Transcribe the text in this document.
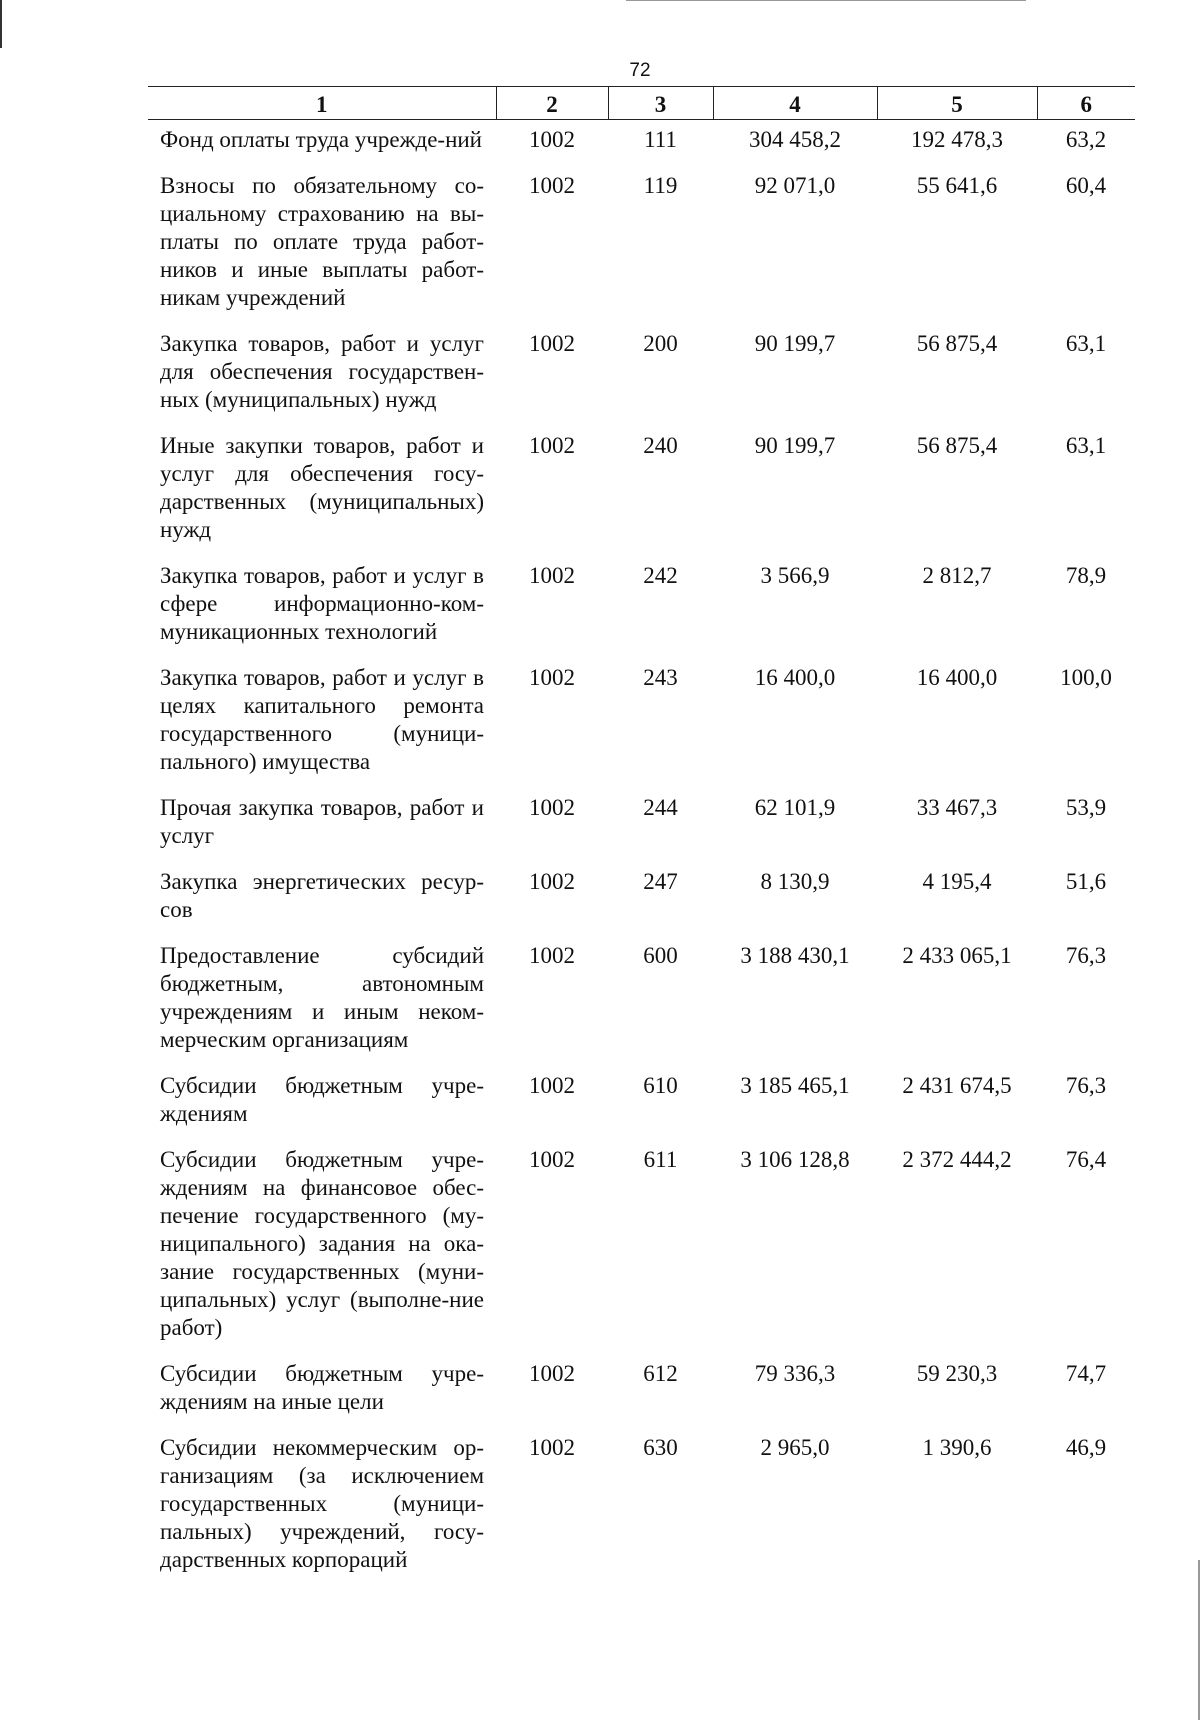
72
1	2	3	4	5	6
Фонд оплаты труда учрежде-ний	1002	111	304 458,2	192 478,3	63,2
Взносы по обязательному со-циальному страхованию на вы-платы по оплате труда работ-ников и иные выплаты работ-никам учреждений	1002	119	92 071,0	55 641,6	60,4
Закупка товаров, работ и услуг для обеспечения государствен-ных (муниципальных) нужд	1002	200	90 199,7	56 875,4	63,1
Иные закупки товаров, работ и услуг для обеспечения госу-дарственных (муниципальных) нужд	1002	240	90 199,7	56 875,4	63,1
Закупка товаров, работ и услуг в сфере информационно-ком-муникационных технологий	1002	242	3 566,9	2 812,7	78,9
Закупка товаров, работ и услуг в целях капитального ремонта государственного (муници-пального) имущества	1002	243	16 400,0	16 400,0	100,0
Прочая закупка товаров, работ и услуг	1002	244	62 101,9	33 467,3	53,9
Закупка энергетических ресур-сов	1002	247	8 130,9	4 195,4	51,6
Предоставление субсидий бюджетным, автономным учреждениям и иным неком-мерческим организациям	1002	600	3 188 430,1	2 433 065,1	76,3
Субсидии бюджетным учре-ждениям	1002	610	3 185 465,1	2 431 674,5	76,3
Субсидии бюджетным учре-ждениям на финансовое обес-печение государственного (му-ниципального) задания на ока-зание государственных (муни-ципальных) услуг (выполне-ние работ)	1002	611	3 106 128,8	2 372 444,2	76,4
Субсидии бюджетным учре-ждениям на иные цели	1002	612	79 336,3	59 230,3	74,7
Субсидии некоммерческим ор-ганизациям (за исключением государственных (муници-пальных) учреждений, госу-дарственных корпораций	1002	630	2 965,0	1 390,6	46,9
